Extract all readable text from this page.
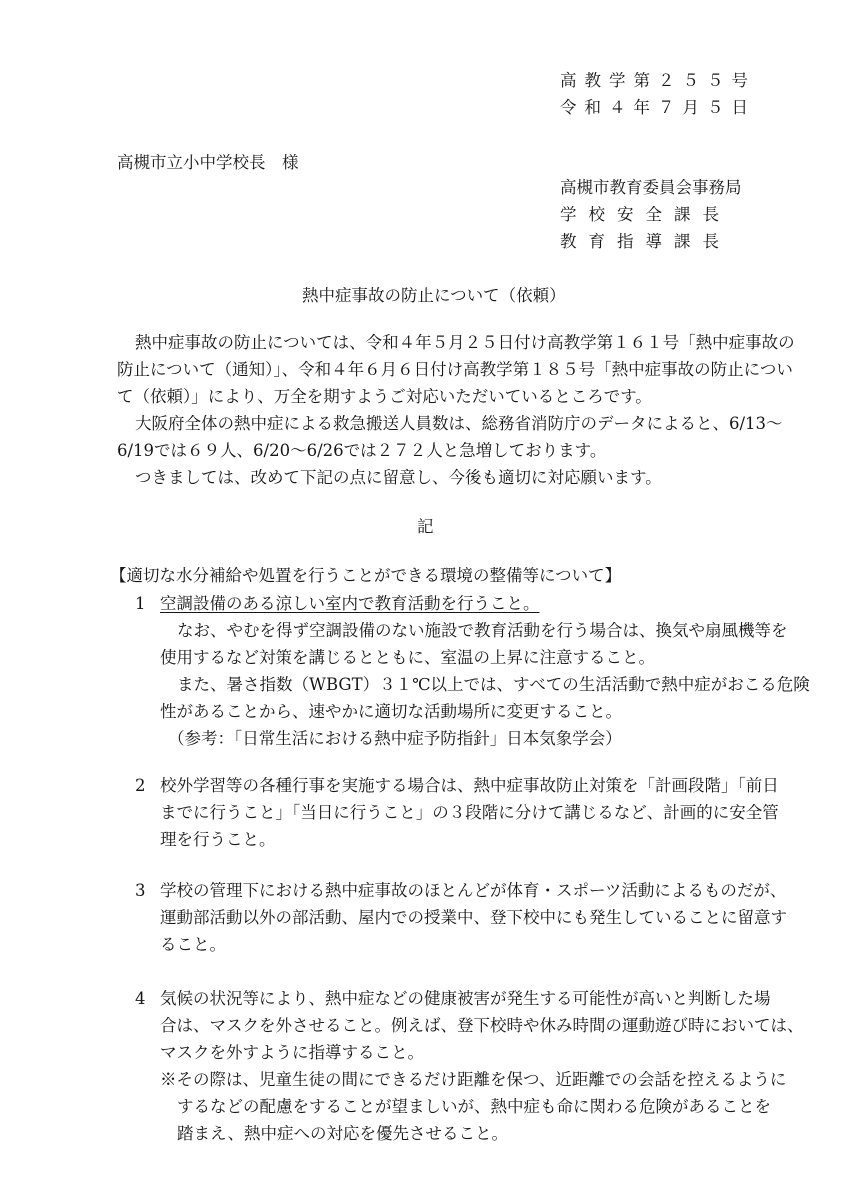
高教学第２５５号
令和４年７月５日
高槻市立小中学校長　様
高槻市教育委員会事務局
学校安全課長
教育指導課長
熱中症事故の防止について（依頼）
熱中症事故の防止については、令和４年５月２５日付け高教学第１６１号「熱中症事故の
防止について（通知）」、令和４年６月６日付け高教学第１８５号「熱中症事故の防止につい
て（依頼）」により、万全を期すようご対応いただいているところです。
大阪府全体の熱中症による救急搬送人員数は、総務省消防庁のデータによると、6/13～
6/19では６９人、6/20～6/26では２７２人と急増しております。
つきましては、改めて下記の点に留意し、今後も適切に対応願います。
記
【適切な水分補給や処置を行うことができる環境の整備等について】
1 空調設備のある涼しい室内で教育活動を行うこと。
なお、やむを得ず空調設備のない施設で教育活動を行う場合は、換気や扇風機等を
使用するなど対策を講じるとともに、室温の上昇に注意すること。
また、暑さ指数（WBGT）３１℃以上では、すべての生活活動で熱中症がおこる危険
性があることから、速やかに適切な活動場所に変更すること。
（参考：「日常生活における熱中症予防指針」日本気象学会）
2 校外学習等の各種行事を実施する場合は、熱中症事故防止対策を「計画段階」「前日
までに行うこと」「当日に行うこと」の３段階に分けて講じるなど、計画的に安全管
理を行うこと。
3 学校の管理下における熱中症事故のほとんどが体育・スポーツ活動によるものだが、
運動部活動以外の部活動、屋内での授業中、登下校中にも発生していることに留意す
ること。
4 気候の状況等により、熱中症などの健康被害が発生する可能性が高いと判断した場
合は、マスクを外させること。例えば、登下校時や休み時間の運動遊び時においては、
マスクを外すように指導すること。
※その際は、児童生徒の間にできるだけ距離を保つ、近距離での会話を控えるように
するなどの配慮をすることが望ましいが、熱中症も命に関わる危険があることを
踏まえ、熱中症への対応を優先させること。
